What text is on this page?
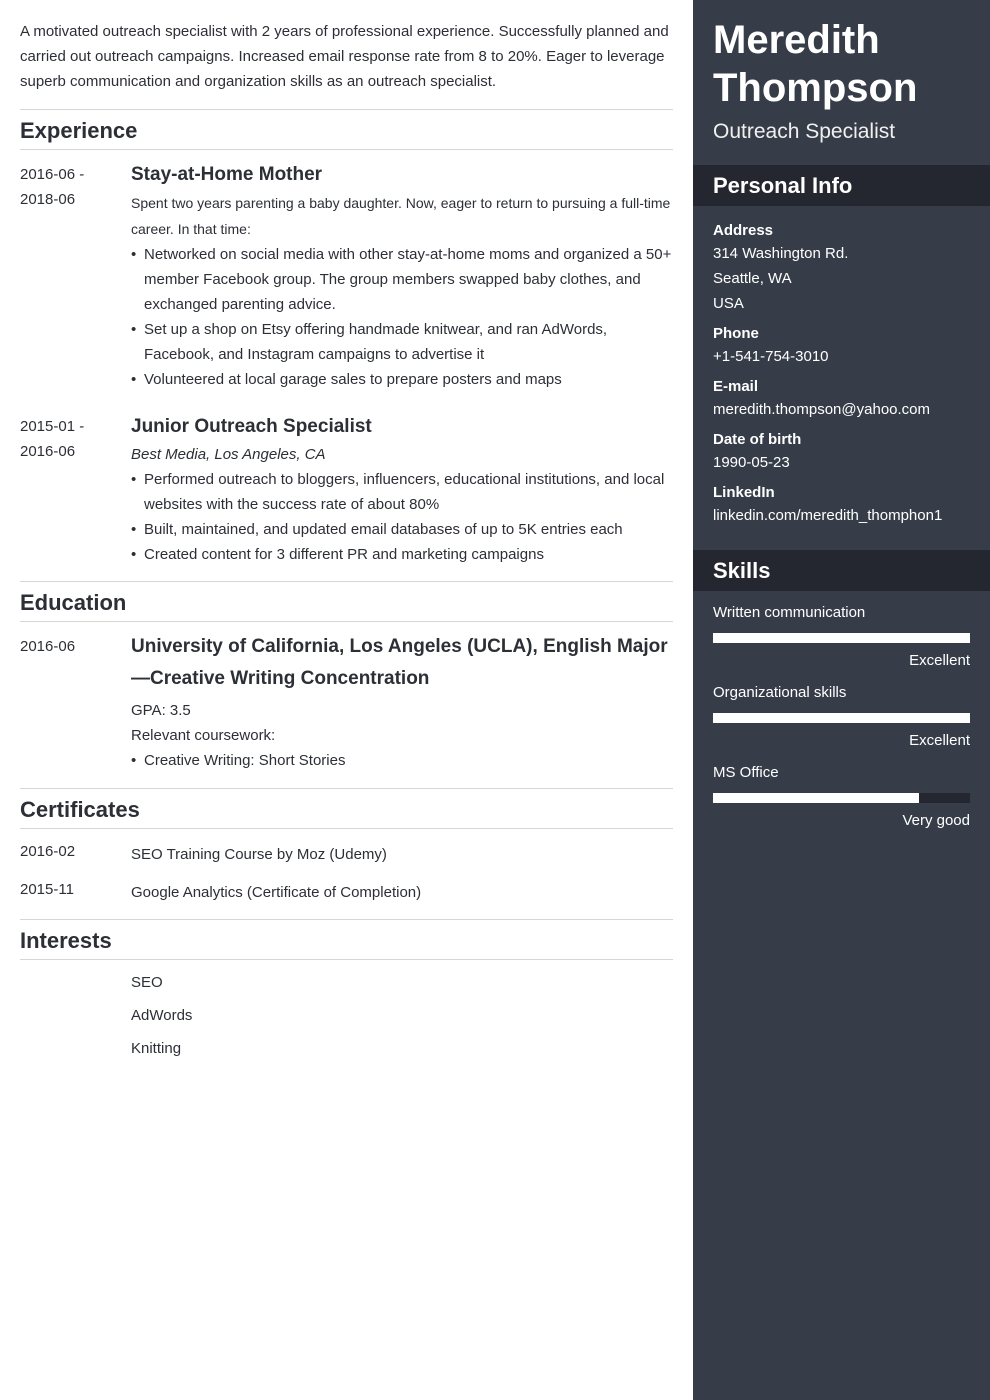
A motivated outreach specialist with 2 years of professional experience. Successfully planned and carried out outreach campaigns. Increased email response rate from 8 to 20%. Eager to leverage superb communication and organization skills as an outreach specialist.

Experience
2016-06 -
2018-06

Stay-at-Home Mother

Spent two years parenting a baby daughter. Now, eager to return to pursuing a full-time career. In that time:

• Networked on social media with other stay-at-home moms and organized a 50+ member Facebook group. The group members swapped baby clothes, and exchanged parenting advice.
• Set up a shop on Etsy offering handmade knitwear, and ran AdWords, Facebook, and Instagram campaigns to advertise it
• Volunteered at local garage sales to prepare posters and maps
2015-01 -
2016-06

Junior Outreach Specialist

Best Media, Los Angeles, CA

• Performed outreach to bloggers, influencers, educational institutions, and local websites with the success rate of about 80%
• Built, maintained, and updated email databases of up to 5K entries each
• Created content for 3 different PR and marketing campaigns
Education
2016-06	University of California, Los Angeles (UCLA), English Major—Creative Writing Concentration

GPA: 3.5
Relevant coursework:
• Creative Writing: Short Stories
Certificates
2016-02	SEO Training Course by Moz (Udemy)
2015-11	Google Analytics (Certificate of Completion)
Interests
SEO
AdWords
Knitting
Meredith
Thompson

Outreach Specialist

Personal Info
Address
314 Washington Rd.
Seattle, WA
USA
Phone
+1-541-754-3010
E-mail
meredith.thompson@yahoo.com
Date of birth
1990-05-23
LinkedIn
linkedin.com/meredith_thomphon1
Skills
Written communication
Excellent
Organizational skills
Excellent
MS Office
Very good
